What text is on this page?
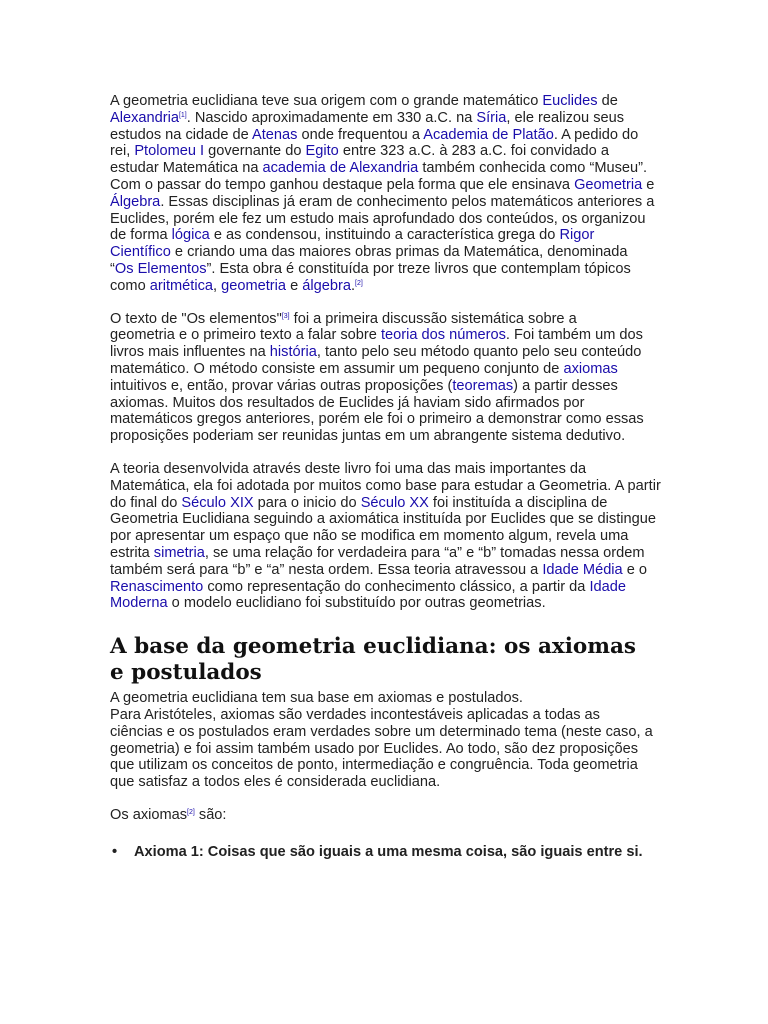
A geometria euclidiana teve sua origem com o grande matemático Euclides de Alexandria[1]. Nascido aproximadamente em 330 a.C. na Síria, ele realizou seus estudos na cidade de Atenas onde frequentou a Academia de Platão. A pedido do rei, Ptolomeu I governante do Egito entre 323 a.C. à 283 a.C. foi convidado a estudar Matemática na academia de Alexandria também conhecida como “Museu”. Com o passar do tempo ganhou destaque pela forma que ele ensinava Geometria e Álgebra. Essas disciplinas já eram de conhecimento pelos matemáticos anteriores a Euclides, porém ele fez um estudo mais aprofundado dos conteúdos, os organizou de forma lógica e as condensou, instituindo a característica grega do Rigor Científico e criando uma das maiores obras primas da Matemática, denominada “Os Elementos”. Esta obra é constituída por treze livros que contemplam tópicos como aritmética, geometria e álgebra.[2]

O texto de "Os elementos"[3] foi a primeira discussão sistemática sobre a geometria e o primeiro texto a falar sobre teoria dos números. Foi também um dos livros mais influentes na história, tanto pelo seu método quanto pelo seu conteúdo matemático. O método consiste em assumir um pequeno conjunto de axiomas intuitivos e, então, provar várias outras proposições (teoremas) a partir desses axiomas. Muitos dos resultados de Euclides já haviam sido afirmados por matemáticos gregos anteriores, porém ele foi o primeiro a demonstrar como essas proposições poderiam ser reunidas juntas em um abrangente sistema dedutivo.

A teoria desenvolvida através deste livro foi uma das mais importantes da Matemática, ela foi adotada por muitos como base para estudar a Geometria. A partir do final do Século XIX para o inicio do Século XX foi instituída a disciplina de Geometria Euclidiana seguindo a axiomática instituída por Euclides que se distingue por apresentar um espaço que não se modifica em momento algum, revela uma estrita simetria, se uma relação for verdadeira para “a” e “b” tomadas nessa ordem também será para “b” e “a” nesta ordem. Essa teoria atravessou a Idade Média e o Renascimento como representação do conhecimento clássico, a partir da Idade Moderna o modelo euclidiano foi substituído por outras geometrias.

A base da geometria euclidiana: os axiomas e postulados

A geometria euclidiana tem sua base em axiomas e postulados.
Para Aristóteles, axiomas são verdades incontestáveis aplicadas a todas as ciências e os postulados eram verdades sobre um determinado tema (neste caso, a geometria) e foi assim também usado por Euclides. Ao todo, são dez proposições que utilizam os conceitos de ponto, intermediação e congruência. Toda geometria que satisfaz a todos eles é considerada euclidiana.

Os axiomas[2] são:

• Axioma 1: Coisas que são iguais a uma mesma coisa, são iguais entre si.
